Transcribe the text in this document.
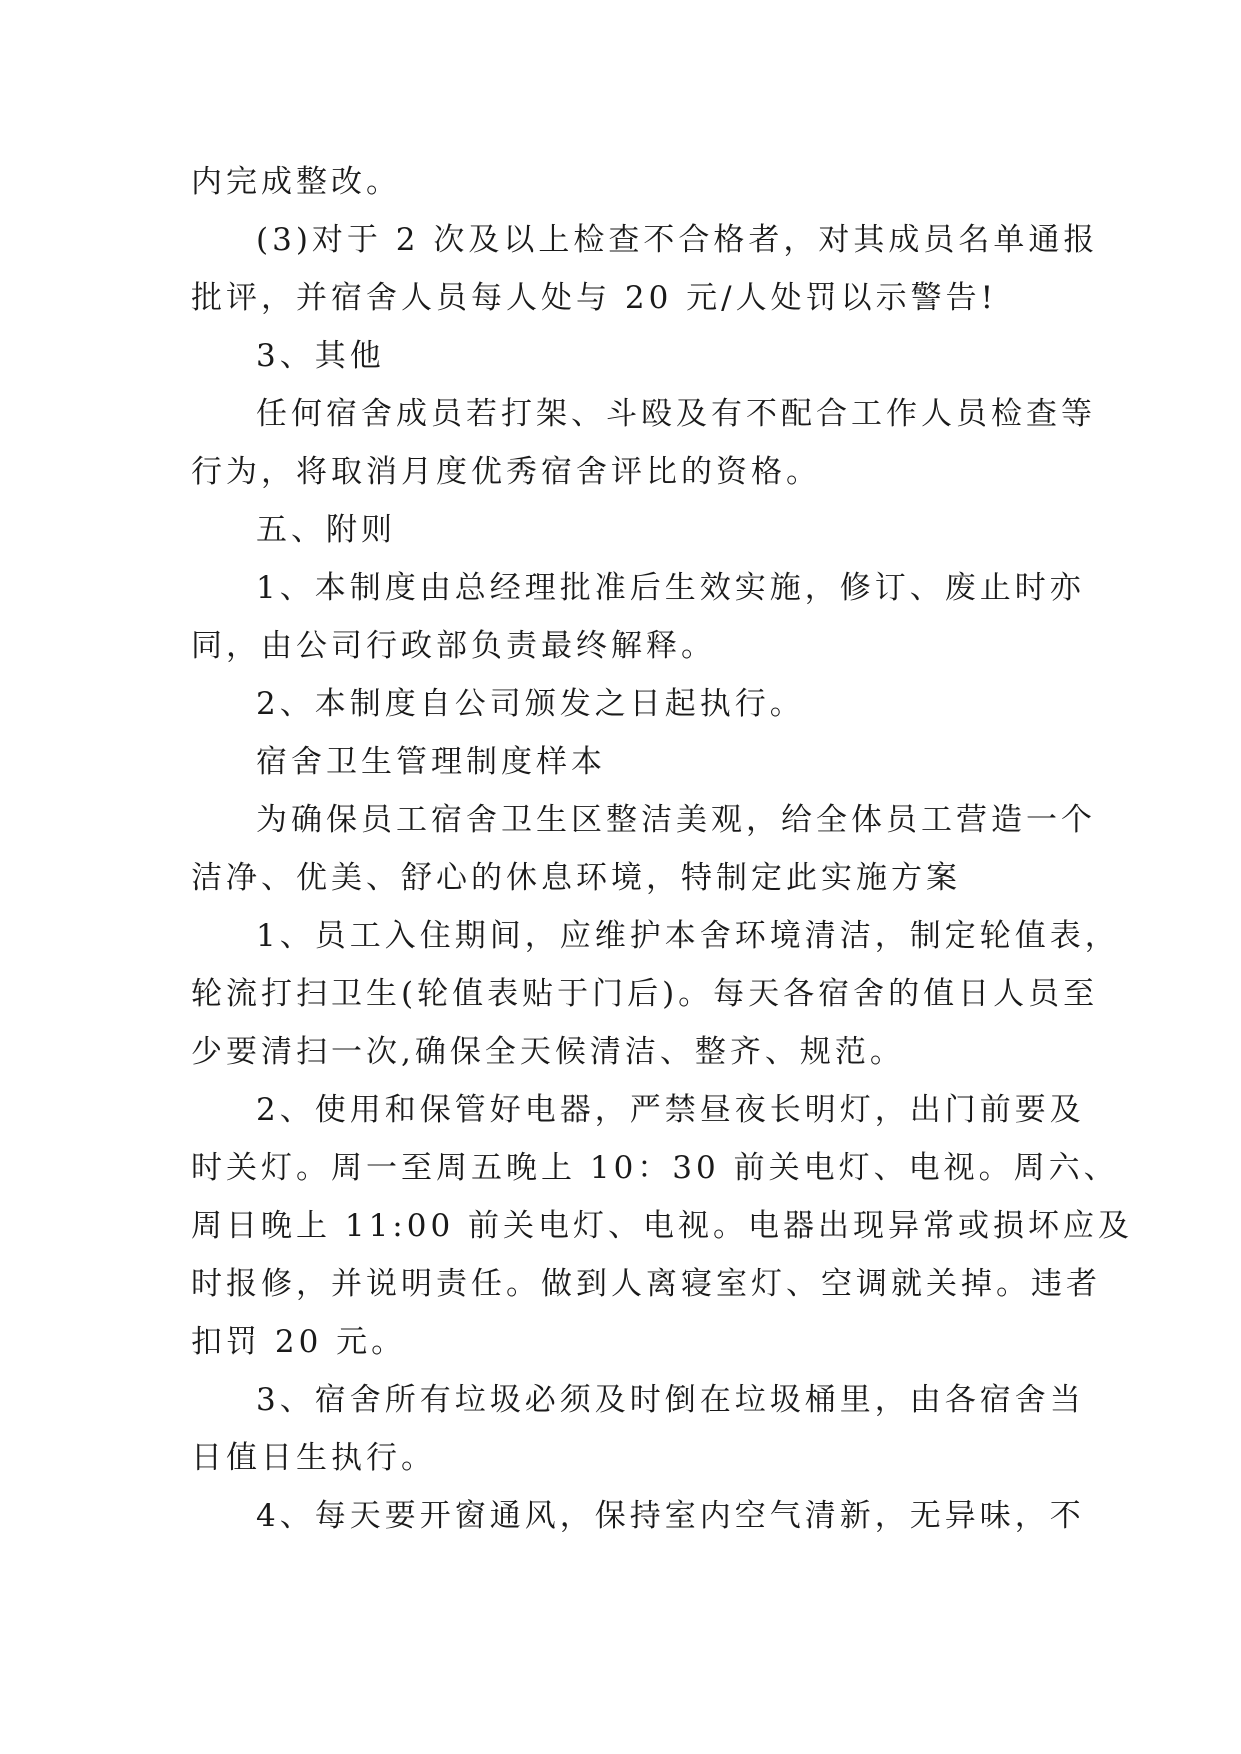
内完成整改。
(3)对于 2 次及以上检查不合格者，对其成员名单通报
批评，并宿舍人员每人处与 20 元/人处罚以示警告!
3、其他
任何宿舍成员若打架、斗殴及有不配合工作人员检查等
行为，将取消月度优秀宿舍评比的资格。
五、附则
1、本制度由总经理批准后生效实施，修订、废止时亦
同，由公司行政部负责最终解释。
2、本制度自公司颁发之日起执行。
宿舍卫生管理制度样本
为确保员工宿舍卫生区整洁美观，给全体员工营造一个
洁净、优美、舒心的休息环境，特制定此实施方案
1、员工入住期间，应维护本舍环境清洁，制定轮值表，
轮流打扫卫生(轮值表贴于门后)。每天各宿舍的值日人员至
少要清扫一次,确保全天候清洁、整齐、规范。
2、使用和保管好电器，严禁昼夜长明灯，出门前要及
时关灯。周一至周五晚上 10：30 前关电灯、电视。周六、
周日晚上 11:00 前关电灯、电视。电器出现异常或损坏应及
时报修，并说明责任。做到人离寝室灯、空调就关掉。违者
扣罚 20 元。
3、宿舍所有垃圾必须及时倒在垃圾桶里，由各宿舍当
日值日生执行。
4、每天要开窗通风，保持室内空气清新，无异味，不
